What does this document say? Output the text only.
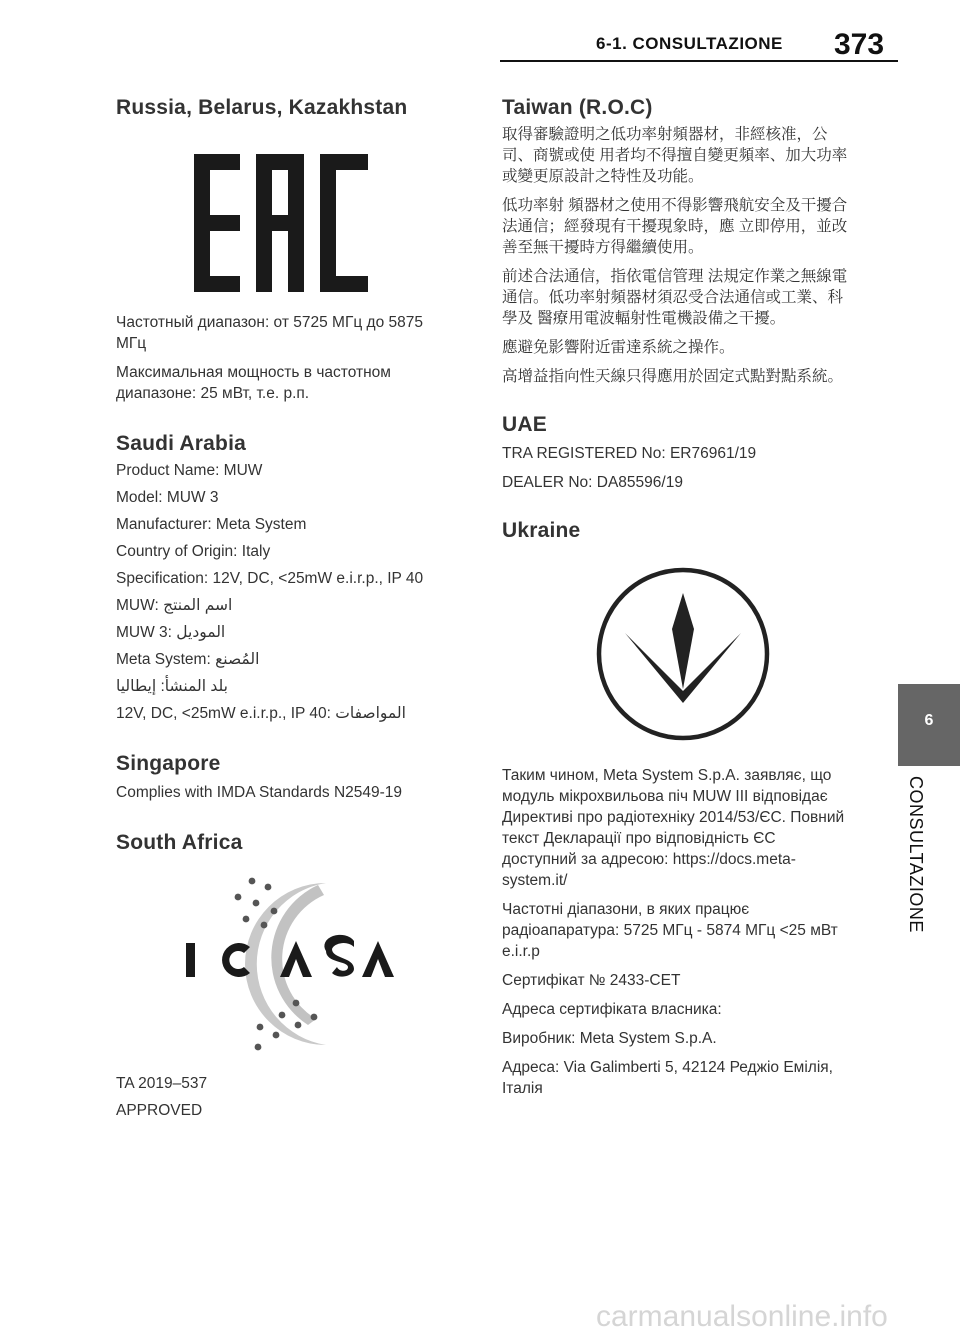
6-1. CONSULTAZIONE 373
Russia, Belarus, Kazakhstan

Частотный диапазон: от 5725 МГц до 5875 МГц

Максимальная мощность в частотном диапазоне: 25 мВт, т.е. р.п.

Saudi Arabia

Product Name: MUW

Model: MUW 3

Manufacturer: Meta System

Country of Origin: Italy

Specification: 12V, DC, <25mW e.i.r.p., IP 40

MUW: اسم المنتج

MUW 3: الموديل

Meta System: المُصنع

بلد المنشأ: إيطاليا

12V, DC, <25mW e.i.r.p., IP 40: المواصفات

Singapore

Complies with IMDA Standards N2549-19

South Africa

TA 2019–537

APPROVED

Taiwan (R.O.C)

取得審驗證明之低功率射頻器材，非經核准，公司、商號或使 用者均不得擅自變更頻率、加大功率或變更原設計之特性及功能。

低功率射 頻器材之使用不得影響飛航安全及干擾合法通信；經發現有干擾現象時，應 立即停用，並改善至無干擾時方得繼續使用。

前述合法通信，指依電信管理 法規定作業之無線電通信。低功率射頻器材須忍受合法通信或工業、科學及 醫療用電波輻射性電機設備之干擾。

應避免影響附近雷達系統之操作。

高增益指向性天線只得應用於固定式點對點系統。

UAE

TRA REGISTERED No: ER76961/19

DEALER No: DA85596/19

Ukraine

Таким чином, Meta System S.p.A. заявляє, що модуль мікрохвильова піч MUW III відповідає Директиві про радіотехніку 2014/53/ЄС. Повний текст Декларації про відповідність ЄС доступний за адресою: https://docs.meta-system.it/

Частотні діапазони, в яких працює радіоапаратура: 5725 МГц - 5874 МГц <25 мВт e.i.r.p

Сертифікат № 2433-CET

Адреса сертифіката власника:

Виробник: Meta System S.p.A.

Адреса: Via Galimberti 5, 42124 Реджіо Емілія, Італія

6
CONSULTAZIONE
carmanualsonline.info
